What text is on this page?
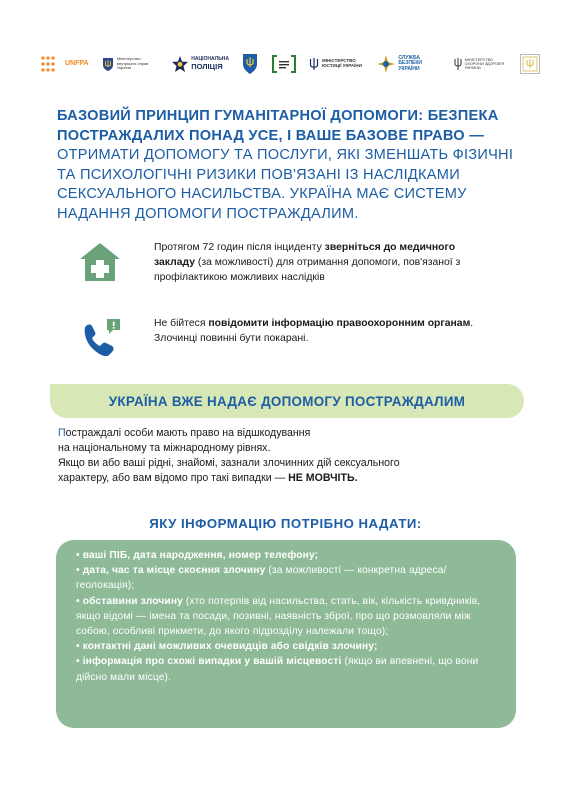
UNFPA
Міністерство внутрішніх справ України
НАЦІОНАЛЬНА
ПОЛІЦІЯ
МІНІСТЕРСТВО ЮСТИЦІЇ УКРАЇНИ
СЛУЖБА БЕЗПЕКИ УКРАЇНИ
МІНІСТЕРСТВО ОХОРОНИ ЗДОРОВ'Я УКРАЇНИ
БАЗОВИЙ ПРИНЦИП ГУМАНІТАРНОЇ ДОПОМОГИ: БЕЗПЕКА ПОСТРАЖДАЛИХ ПОНАД УСЕ, І ВАШЕ БАЗОВЕ ПРАВО — ОТРИМАТИ ДОПОМОГУ ТА ПОСЛУГИ, ЯКІ ЗМЕНШАТЬ ФІЗИЧНІ ТА ПСИХОЛОГІЧНІ РИЗИКИ ПОВ'ЯЗАНІ ІЗ НАСЛІДКАМИ СЕКСУАЛЬНОГО НАСИЛЬСТВА. УКРАЇНА МАЄ СИСТЕМУ НАДАННЯ ДОПОМОГИ ПОСТРАЖДАЛИМ.
Протягом 72 годин після інциденту зверніться до медичного закладу (за можливості) для отримання допомоги, пов'язаної з профілактикою можливих наслідків
Не бійтеся повідомити інформацію правоохоронним органам. Злочинці повинні бути покарані.
УКРАЇНА ВЖЕ НАДАЄ ДОПОМОГУ ПОСТРАЖДАЛИМ
Постраждалі особи мають право на відшкодування
на національному та міжнародному рівнях.
Якщо ви або ваші рідні, знайомі, зазнали злочинних дій сексуального
характеру, або вам відомо про такі випадки — НЕ МОВЧІТЬ.
ЯКУ ІНФОРМАЦІЮ ПОТРІБНО НАДАТИ:
• ваші ПІБ, дата народження, номер телефону;
• дата, час та місце скоєння злочину (за можливості — конкретна адреса/геолокація);
• обставини злочину (хто потерпів від насильства, стать, вік, кількість кривдників, якщо відомі — імена та посади, позивні, наявність зброї, про що розмовляли між собою, особливі прикмети, до якого підрозділу належали тощо);
• контактні дані можливих очевидців або свідків злочину;
• інформація про схожі випадки у вашій місцевості (якщо ви впевнені, що вони дійсно мали місце).
